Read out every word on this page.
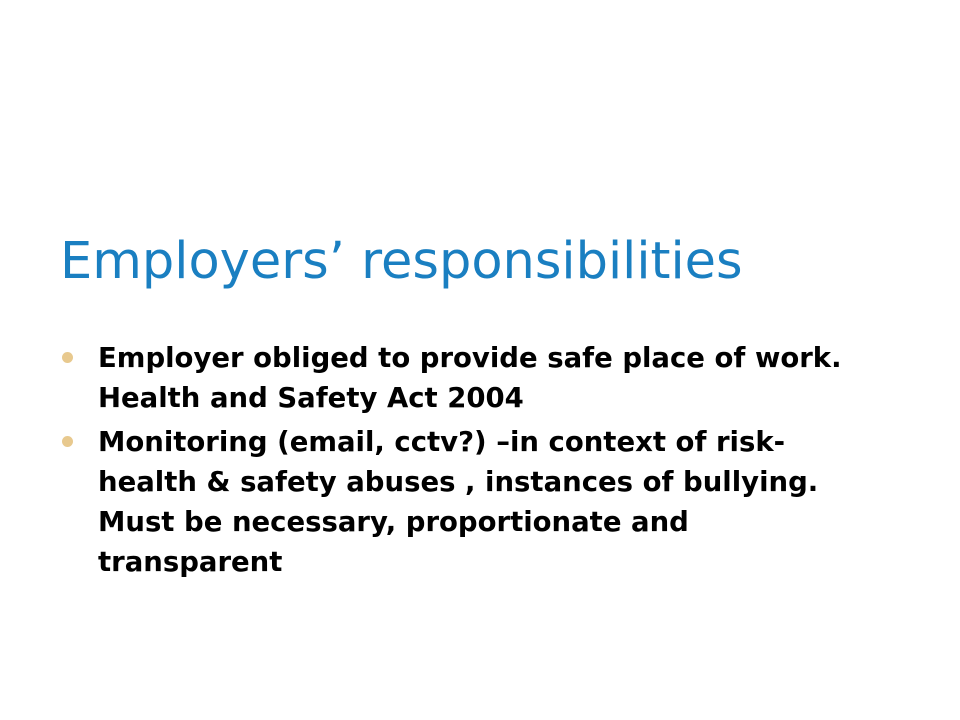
Employers’ responsibilities
Employer obliged to provide safe place of work. Health and Safety Act 2004
Monitoring (email, cctv?) –in context of risk- health & safety abuses , instances of bullying. Must be necessary, proportionate and transparent
